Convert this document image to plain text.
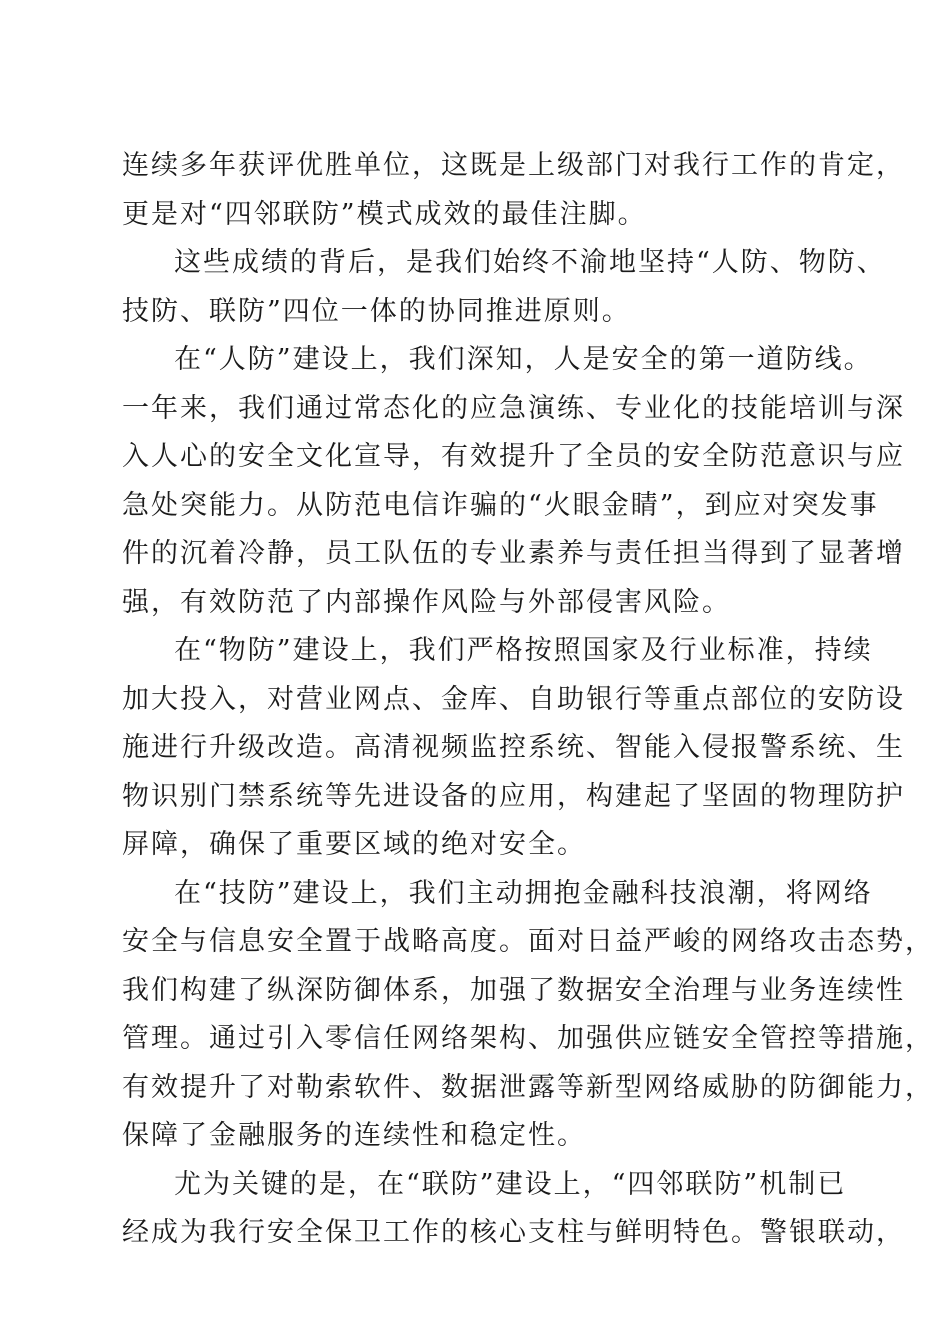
连续多年获评优胜单位，这既是上级部门对我行工作的肯定，
更是对“四邻联防”模式成效的最佳注脚。
这些成绩的背后，是我们始终不渝地坚持“人防、物防、
技防、联防”四位一体的协同推进原则。
在“人防”建设上，我们深知，人是安全的第一道防线。
一年来，我们通过常态化的应急演练、专业化的技能培训与深
入人心的安全文化宣导，有效提升了全员的安全防范意识与应
急处突能力。从防范电信诈骗的“火眼金睛”，到应对突发事
件的沉着冷静，员工队伍的专业素养与责任担当得到了显著增
强，有效防范了内部操作风险与外部侵害风险。
在“物防”建设上，我们严格按照国家及行业标准，持续
加大投入，对营业网点、金库、自助银行等重点部位的安防设
施进行升级改造。高清视频监控系统、智能入侵报警系统、生
物识别门禁系统等先进设备的应用，构建起了坚固的物理防护
屏障，确保了重要区域的绝对安全。
在“技防”建设上，我们主动拥抱金融科技浪潮，将网络
安全与信息安全置于战略高度。面对日益严峻的网络攻击态势，
我们构建了纵深防御体系，加强了数据安全治理与业务连续性
管理。通过引入零信任网络架构、加强供应链安全管控等措施，
有效提升了对勒索软件、数据泄露等新型网络威胁的防御能力，
保障了金融服务的连续性和稳定性。
尤为关键的是，在“联防”建设上，“四邻联防”机制已
经成为我行安全保卫工作的核心支柱与鲜明特色。警银联动，
